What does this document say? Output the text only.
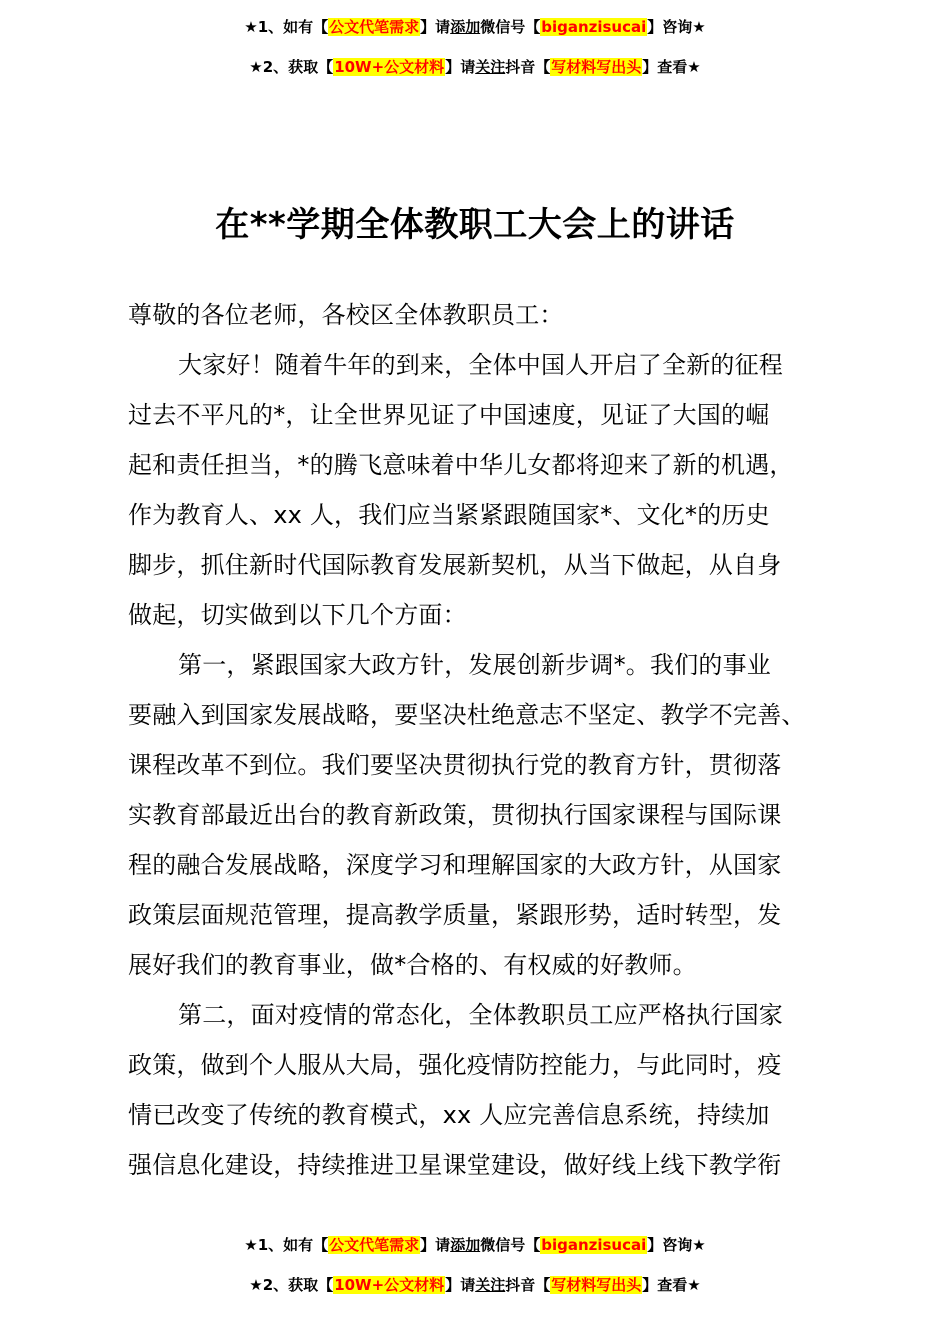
★1、如有【公文代笔需求】请添加微信号【biganzisucai】咨询★
★2、获取【10W+公文材料】请关注抖音【写材料写出头】查看★
在**学期全体教职工大会上的讲话
尊敬的各位老师，各校区全体教职员工：
大家好！随着牛年的到来，全体中国人开启了全新的征程
过去不平凡的*，让全世界见证了中国速度，见证了大国的崛
起和责任担当，*的腾飞意味着中华儿女都将迎来了新的机遇，
作为教育人、xx 人，我们应当紧紧跟随国家*、文化*的历史
脚步，抓住新时代国际教育发展新契机，从当下做起，从自身
做起，切实做到以下几个方面：
第一，紧跟国家大政方针，发展创新步调*。我们的事业
要融入到国家发展战略，要坚决杜绝意志不坚定、教学不完善、
课程改革不到位。我们要坚决贯彻执行党的教育方针，贯彻落
实教育部最近出台的教育新政策，贯彻执行国家课程与国际课
程的融合发展战略，深度学习和理解国家的大政方针，从国家
政策层面规范管理，提高教学质量，紧跟形势，适时转型，发
展好我们的教育事业，做*合格的、有权威的好教师。
第二，面对疫情的常态化，全体教职员工应严格执行国家
政策，做到个人服从大局，强化疫情防控能力，与此同时，疫
情已改变了传统的教育模式，xx 人应完善信息系统，持续加
强信息化建设，持续推进卫星课堂建设，做好线上线下教学衔
★1、如有【公文代笔需求】请添加微信号【biganzisucai】咨询★
★2、获取【10W+公文材料】请关注抖音【写材料写出头】查看★
